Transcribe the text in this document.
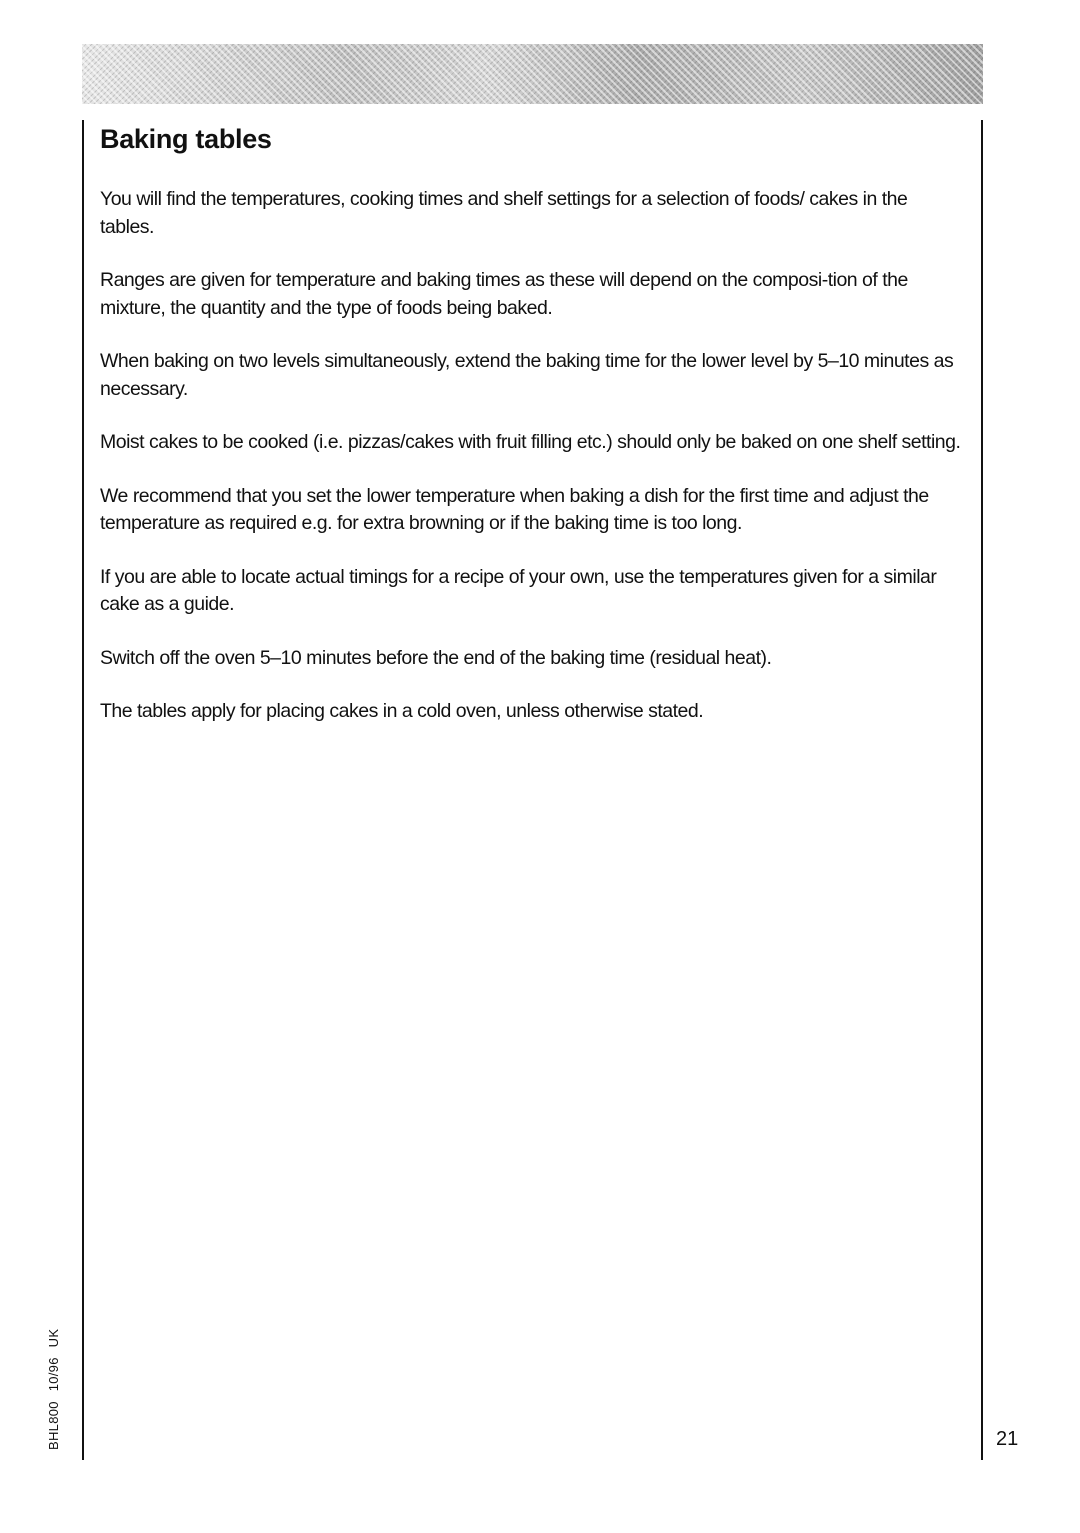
Baking tables

You will find the temperatures, cooking times and shelf settings for a selection of foods/ cakes in the tables.

Ranges are given for temperature and baking times as these will depend on the composi-tion of the mixture, the quantity and the type of foods being baked.

When baking on two levels simultaneously, extend the baking time for the lower level by 5–10 minutes as necessary.

Moist cakes to be cooked (i.e. pizzas/cakes with fruit filling etc.) should only be baked on one shelf setting.

We recommend that you set the lower temperature when baking a dish for the first time and adjust the temperature as required e.g. for extra browning or if the baking time is too long.

If you are able to locate actual timings for a recipe of your own, use the temperatures given for a similar cake as a guide.

Switch off the oven 5–10 minutes before the end of the baking time (residual heat).

The tables apply for placing cakes in a cold oven, unless otherwise stated.

BHL800 10/96 UK	21
